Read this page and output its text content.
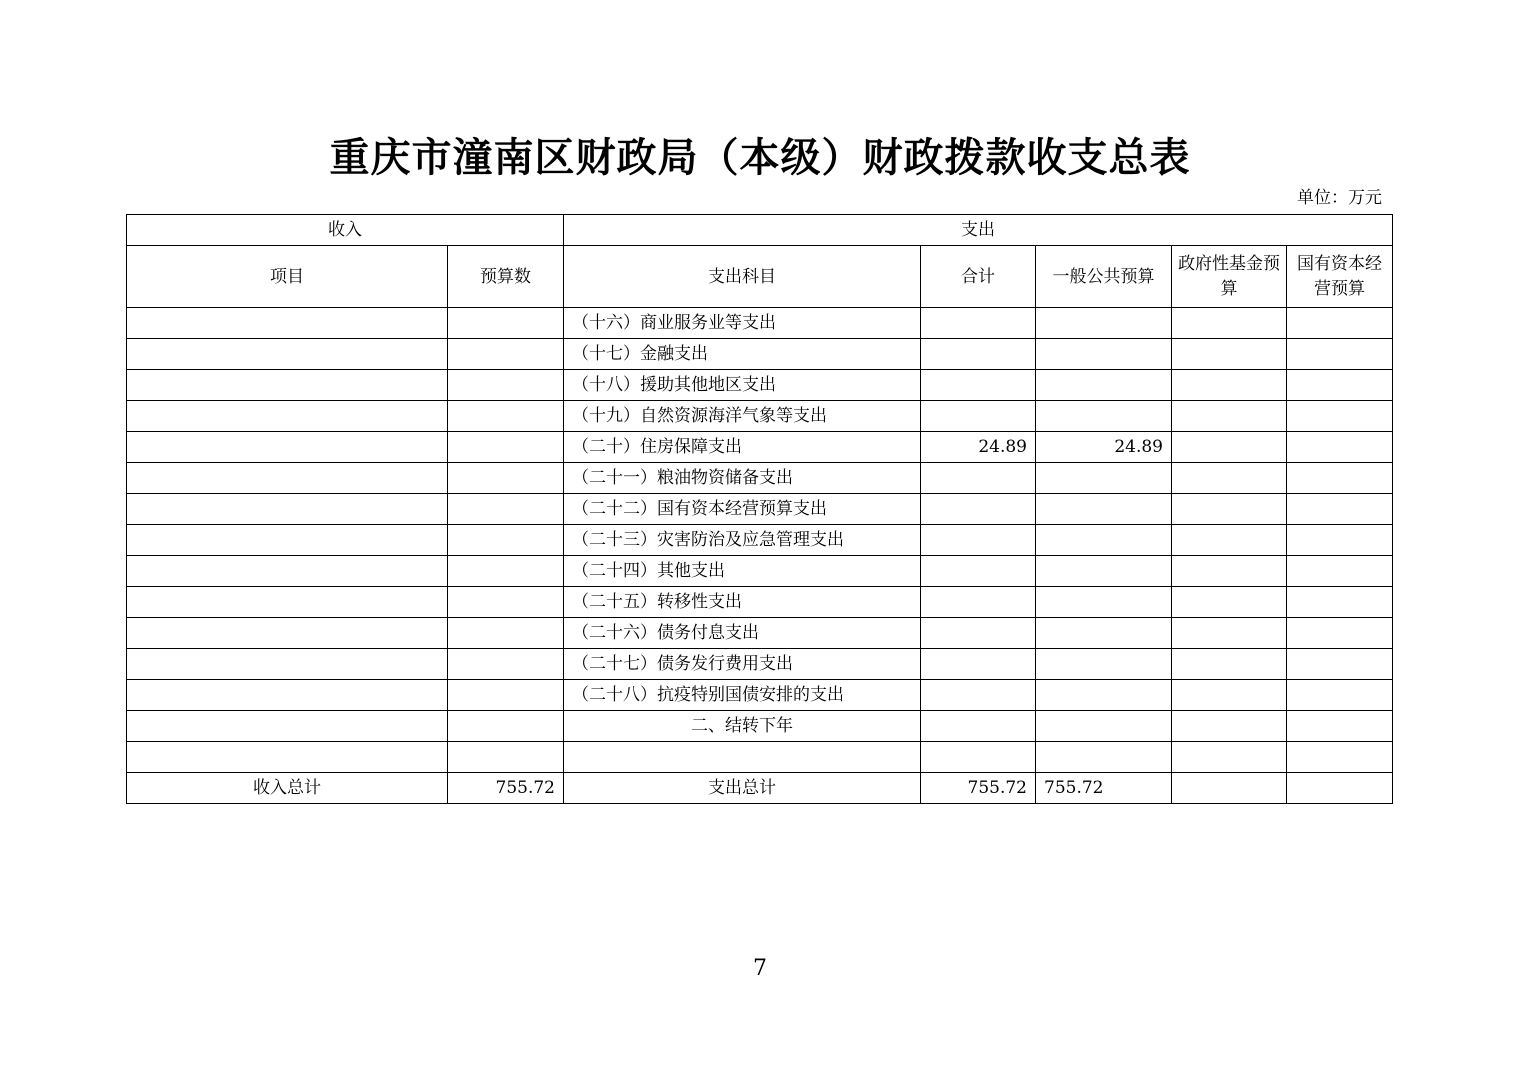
重庆市潼南区财政局（本级）财政拨款收支总表
单位：万元
收入		支出				
项目	预算数	支出科目	合计	一般公共预算	政府性基金预算	国有资本经营预算
		（十六）商业服务业等支出				
		（十七）金融支出				
		（十八）援助其他地区支出				
		（十九）自然资源海洋气象等支出				
		（二十）住房保障支出	24.89	24.89		
		（二十一）粮油物资储备支出				
		（二十二）国有资本经营预算支出				
		（二十三）灾害防治及应急管理支出				
		（二十四）其他支出				
		（二十五）转移性支出				
		（二十六）债务付息支出				
		（二十七）债务发行费用支出				
		（二十八）抗疫特别国债安排的支出				
		二、结转下年				

收入总计	755.72	支出总计	755.72	755.72		
7
